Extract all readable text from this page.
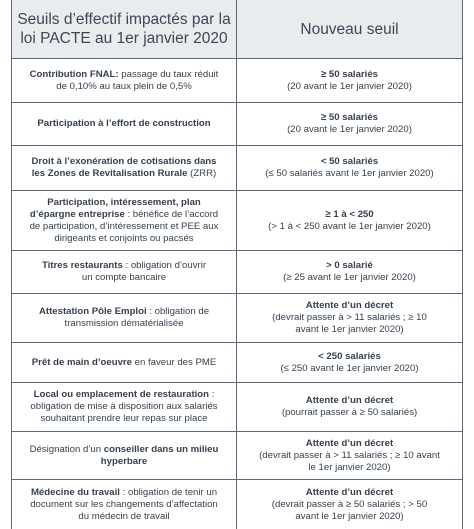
Seuils d’effectif impactés par la
loi PACTE au 1er janvier 2020
Nouveau seuil
Contribution FNAL: passage du taux réduit
de 0,10% au taux plein de 0,5%
≥ 50 salariés
(20 avant le 1er janvier 2020)
Participation à l’effort de construction
≥ 50 salariés
(20 avant le 1er janvier 2020)
Droit à l’exonération de cotisations dans
les Zones de Revitalisation Rurale (ZRR)
< 50 salariés
(≤ 50 salariés avant le 1er janvier 2020)
Participation, intéressement, plan
d’épargne entreprise : bénéfice de l’accord
de participation, d’intéressement et PEE aux
dirigeants et conjoints ou pacsés
≥ 1 à < 250
(> 1 à < 250 avant le 1er janvier 2020)
Titres restaurants : obligation d’ouvrir
un compte bancaire
> 0 salarié
(≥ 25 avant le 1er janvier 2020)
Attestation Pôle Emploi : obligation de
transmission dématérialisée
Attente d’un décret
(devrait passer à > 11 salariés ; ≥ 10
avant le 1er janvier 2020)
Prêt de main d’oeuvre en faveur des PME
< 250 salariés
(≤ 250 avant le 1er janvier 2020)
Local ou emplacement de restauration :
obligation de mise à disposition aux salariés
souhaitant prendre leur repas sur place
Attente d’un décret
(pourrait passer à ≥ 50 salariés)
Désignation d’un conseiller dans un milieu
hyperbare
Attente d’un décret
(devrait passer à > 11 salariés ; ≥ 10 avant
le 1er janvier 2020)
Médecine du travail : obligation de tenir un
document sur les changements d’affectation
du médecin de travail
Attente d’un décret
(devrait passer à ≥ 50 salariés ; > 50
avant le 1er janvier 2020)
